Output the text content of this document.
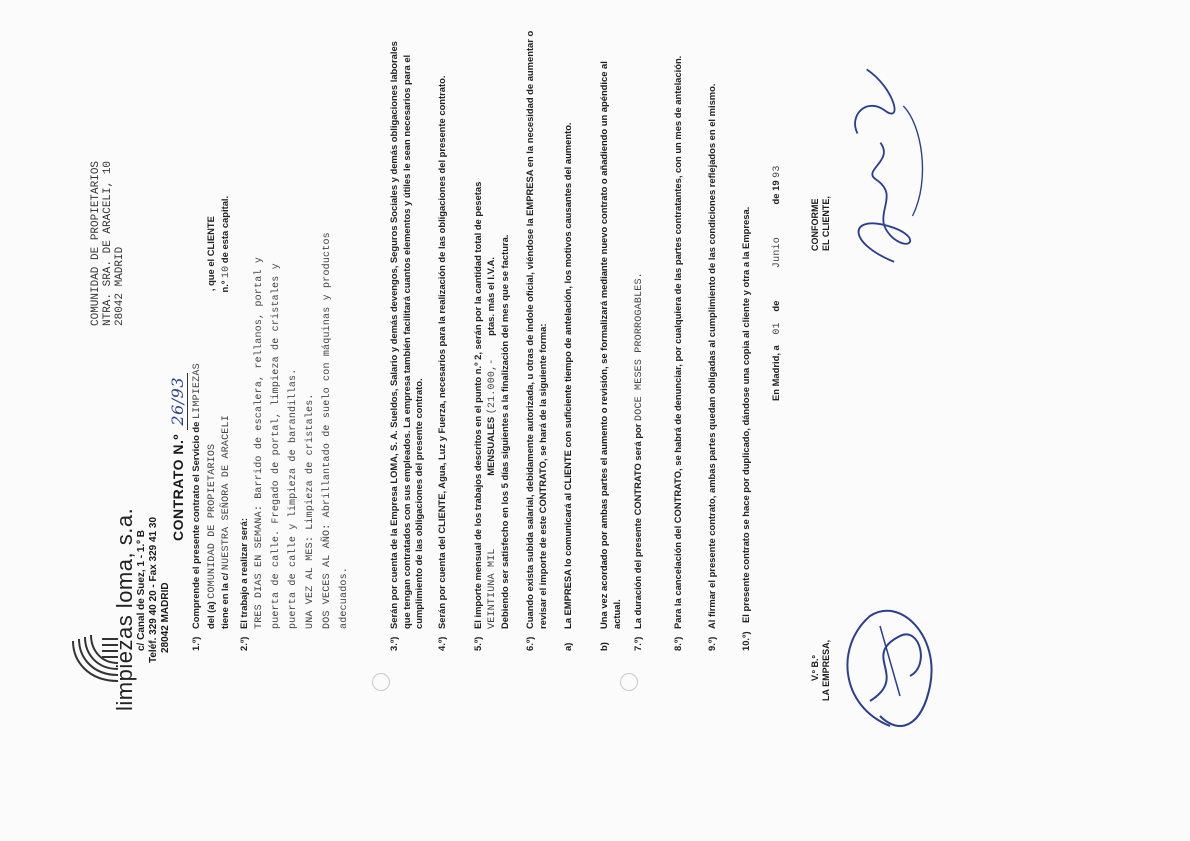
limpiezas loma, s.a. c/ Canal de Suez, 1 - 1.º B Teléf. 329 40 20 - Fax 329 41 30 28042 MADRID
COMUNIDAD DE PROPIETARIOS NTRA. SRA. DE ARACELI, 10 28042 MADRID
CONTRATO N.º 26/93
1.º)
Comprende el presente contrato el Servicio de LIMPIEZAS
del (a) COMUNIDAD DE PROPIETARIOS , que el CLIENTE
tiene en la c/ NUESTRA SEÑORA DE ARACELI n.º 10 de esta capital.
2.º)
El trabajo a realizar será: TRES DIAS EN SEMANA: Barrido de escalera, rellanos, portal y puerta de calle. Fregado de portal, limpieza de cristales y puerta de calle y limpieza de barandillas. UNA VEZ AL MES: Limpieza de cristales. DOS VECES AL AÑO: Abrillantado de suelo con máquinas y productos adecuados.
3.º)
Serán por cuenta de la Empresa LOMA, S. A. Sueldos, Salario y demás devengos, Seguros Sociales y demás obligaciones laborales que tengan contratados con sus empleados. La empresa también facilitará cuantos elementos y útiles le sean necesarios para el cumplimiento de las obligaciones del presente contrato.
4.º)
Serán por cuenta del CLIENTE, Agua, Luz y Fuerza, necesarios para la realización de las obligaciones del presente contrato.
5.º)
El importe mensual de los trabajos descritos en el punto n.º 2, serán por la cantidad total de pesetas VEINTIUNA MIL MENSUALES (21.000,- ptas. más el I.V.A. Debiendo ser satisfecho en los 5 días siguientes a la finalización del mes que se factura.
6.º)
Cuando exista subida salarial, debidamente autorizada, u otras de índole oficial, viéndose la EMPRESA en la necesidad de aumentar o revisar el importe de este CONTRATO, se hará de la siguiente forma:
a)
La EMPRESA lo comunicará al CLIENTE con suficiente tiempo de antelación, los motivos causantes del aumento.
b)
Una vez acordado por ambas partes el aumento o revisión, se formalizará mediante nuevo contrato o añadiendo un apéndice al actual.
7.º)
La duración del presente CONTRATO será por DOCE MESES PRORROGABLES.
8.º)
Para la cancelación del CONTRATO, se habrá de denunciar, por cualquiera de las partes contratantes, con un mes de antelación.
9.º)
Al firmar el presente contrato, ambas partes quedan obligadas al cumplimiento de las condiciones reflejados en el mismo.
10.º)
El presente contrato se hace por duplicado, dándose una copia al cliente y otra a la Empresa. En Madrid, a 01 de Junio de 19 93
V.º B.º LA EMPRESA,
CONFORME EL CLIENTE,
